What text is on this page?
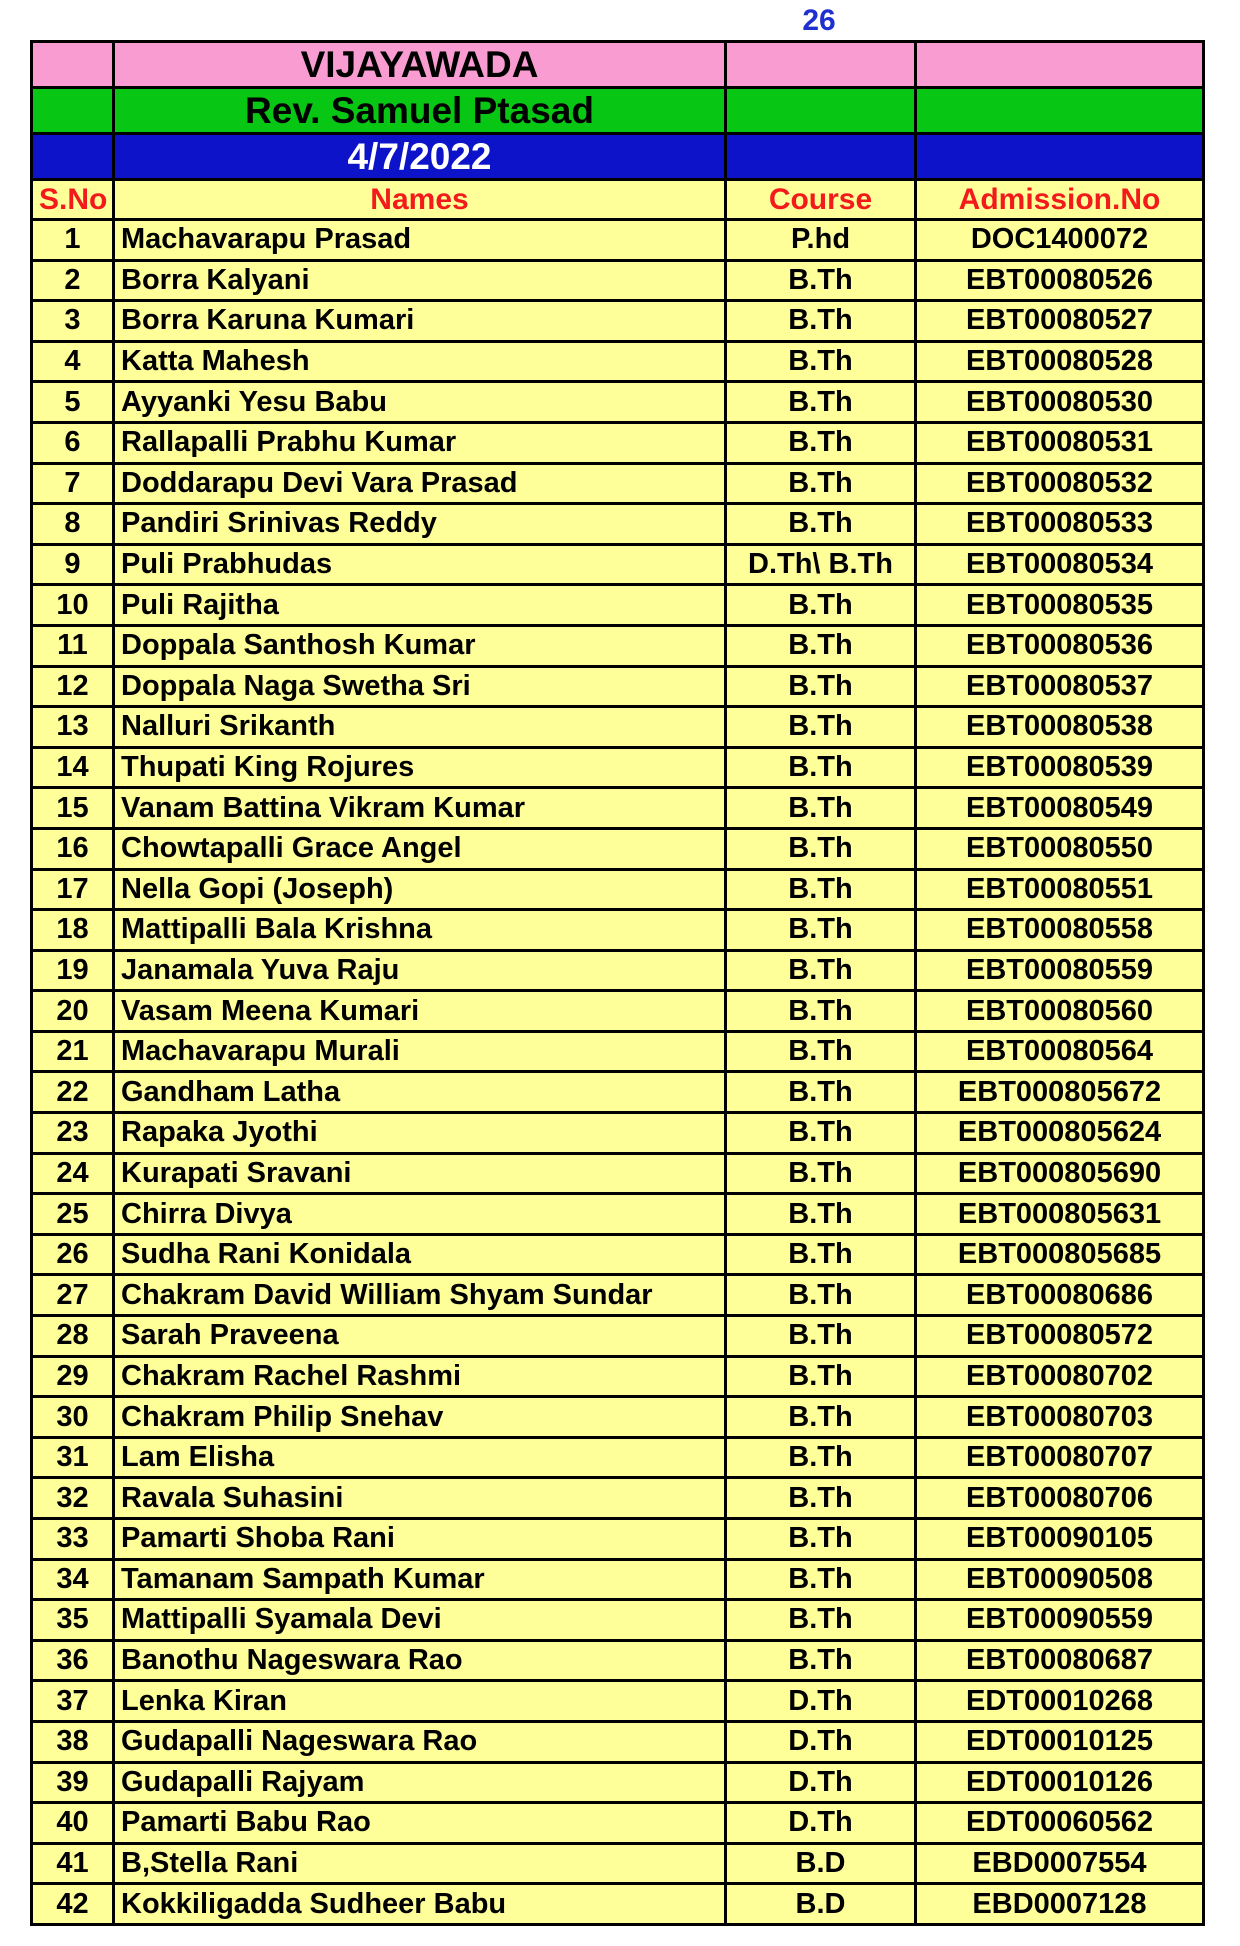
26
	VIJAYAWADA		
	Rev. Samuel Ptasad		
	4/7/2022		
S.No	Names	Course	Admission.No
1	Machavarapu Prasad	P.hd	DOC1400072
2	Borra Kalyani	B.Th	EBT00080526
3	Borra Karuna Kumari	B.Th	EBT00080527
4	Katta Mahesh	B.Th	EBT00080528
5	Ayyanki Yesu Babu	B.Th	EBT00080530
6	Rallapalli Prabhu Kumar	B.Th	EBT00080531
7	Doddarapu Devi Vara Prasad	B.Th	EBT00080532
8	Pandiri Srinivas Reddy	B.Th	EBT00080533
9	Puli Prabhudas	D.Th\ B.Th	EBT00080534
10	Puli Rajitha	B.Th	EBT00080535
11	Doppala Santhosh Kumar	B.Th	EBT00080536
12	Doppala Naga Swetha Sri	B.Th	EBT00080537
13	Nalluri Srikanth	B.Th	EBT00080538
14	Thupati King Rojures	B.Th	EBT00080539
15	Vanam Battina Vikram Kumar	B.Th	EBT00080549
16	Chowtapalli Grace Angel	B.Th	EBT00080550
17	Nella Gopi (Joseph)	B.Th	EBT00080551
18	Mattipalli Bala Krishna	B.Th	EBT00080558
19	Janamala Yuva Raju	B.Th	EBT00080559
20	Vasam Meena Kumari	B.Th	EBT00080560
21	Machavarapu Murali	B.Th	EBT00080564
22	Gandham Latha	B.Th	EBT000805672
23	Rapaka Jyothi	B.Th	EBT000805624
24	Kurapati Sravani	B.Th	EBT000805690
25	Chirra Divya	B.Th	EBT000805631
26	Sudha Rani Konidala	B.Th	EBT000805685
27	Chakram David William Shyam Sundar	B.Th	EBT00080686
28	Sarah Praveena	B.Th	EBT00080572
29	Chakram Rachel Rashmi	B.Th	EBT00080702
30	Chakram Philip Snehav	B.Th	EBT00080703
31	Lam Elisha	B.Th	EBT00080707
32	Ravala Suhasini	B.Th	EBT00080706
33	Pamarti Shoba Rani	B.Th	EBT00090105
34	Tamanam Sampath Kumar	B.Th	EBT00090508
35	Mattipalli Syamala Devi	B.Th	EBT00090559
36	Banothu Nageswara Rao	B.Th	EBT00080687
37	Lenka Kiran	D.Th	EDT00010268
38	Gudapalli Nageswara Rao	D.Th	EDT00010125
39	Gudapalli Rajyam	D.Th	EDT00010126
40	Pamarti Babu Rao	D.Th	EDT00060562
41	B,Stella Rani	B.D	EBD0007554
42	Kokkiligadda Sudheer Babu	B.D	EBD0007128
